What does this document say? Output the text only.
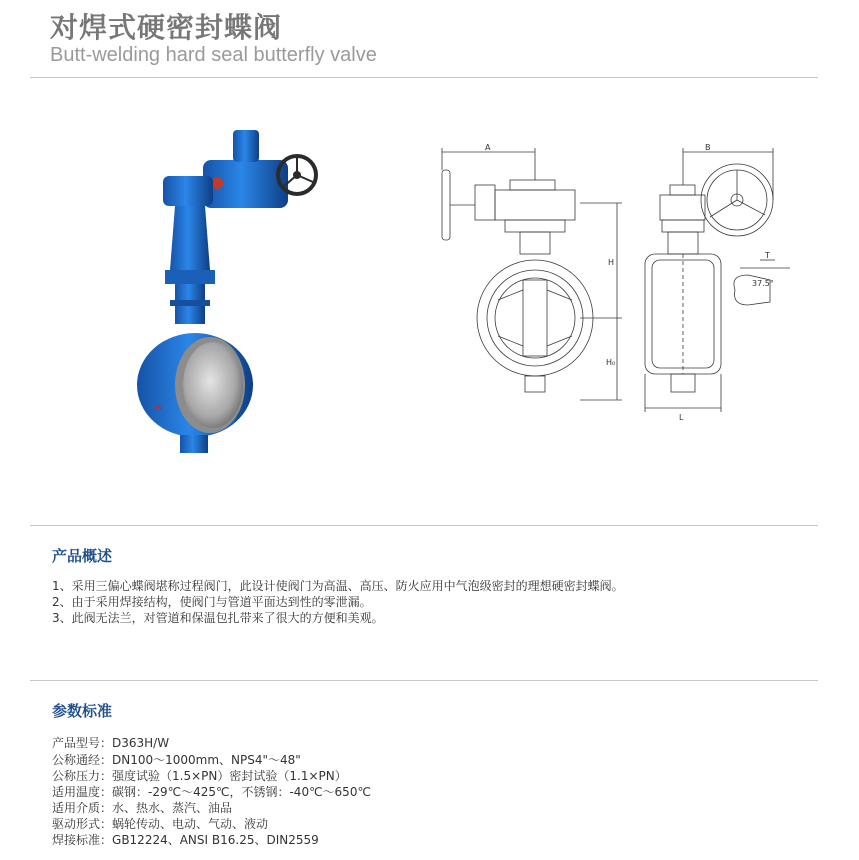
对焊式硬密封蝶阀
Butt-welding hard seal butterfly valve
DN
A	B
H
H₀
L
T
37.5°
产品概述
1、采用三偏心蝶阀堪称过程阀门，此设计使阀门为高温、高压、防火应用中气泡级密封的理想硬密封蝶阀。
2、由于采用焊接结构，使阀门与管道平面达到性的零泄漏。
3、此阀无法兰，对管道和保温包扎带来了很大的方便和美观。
参数标准
产品型号：D363H/W
公称通经：DN100～1000mm、NPS4"～48"
公称压力：强度试验（1.5×PN）密封试验（1.1×PN）
适用温度：碳钢：-29℃～425℃，不锈钢：-40℃～650℃
适用介质：水、热水、蒸汽、油品
驱动形式：蜗轮传动、电动、气动、液动
焊接标准：GB12224、ANSI B16.25、DIN2559
